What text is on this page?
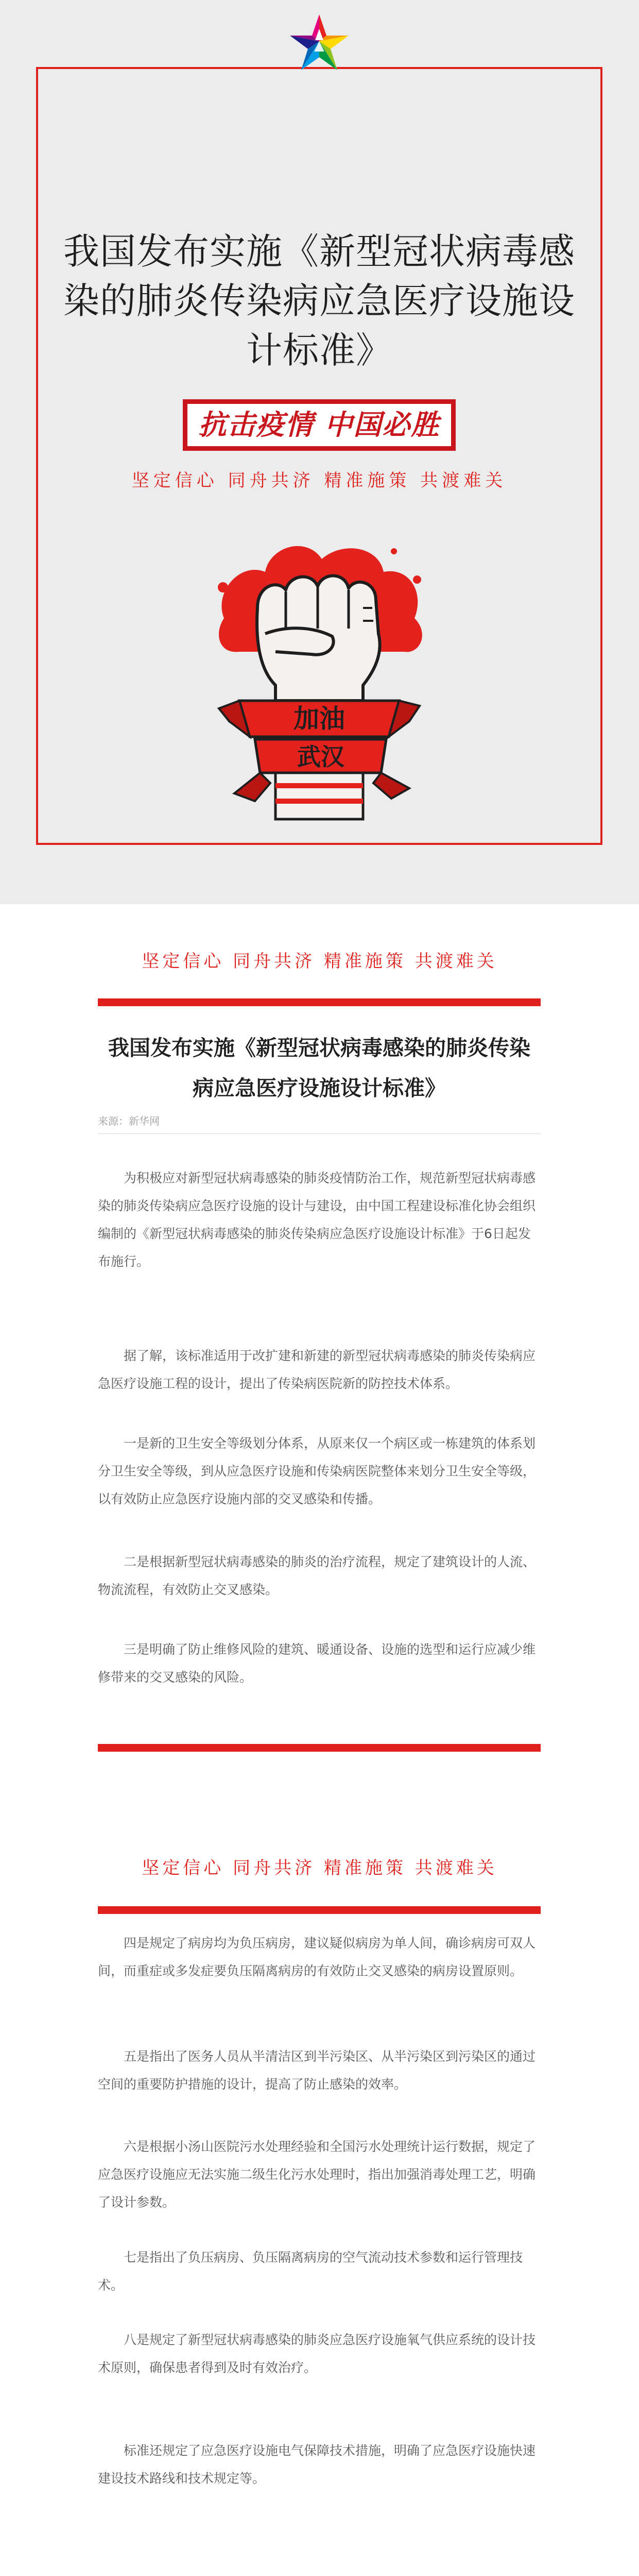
我国发布实施《新型冠状病毒感染的肺炎传染病应急医疗设施设计标准》
抗击疫情 中国必胜
坚定信心 同舟共济 精准施策 共渡难关
加油
武汉
坚定信心 同舟共济 精准施策 共渡难关
我国发布实施《新型冠状病毒感染的肺炎传染病应急医疗设施设计标准》
来源：新华网

为积极应对新型冠状病毒感染的肺炎疫情防治工作，规范新型冠状病毒感染的肺炎传染病应急医疗设施的设计与建设，由中国工程建设标准化协会组织编制的《新型冠状病毒感染的肺炎传染病应急医疗设施设计标准》于6日起发布施行。

据了解，该标准适用于改扩建和新建的新型冠状病毒感染的肺炎传染病应急医疗设施工程的设计，提出了传染病医院新的防控技术体系。

一是新的卫生安全等级划分体系，从原来仅一个病区或一栋建筑的体系划分卫生安全等级，到从应急医疗设施和传染病医院整体来划分卫生安全等级，以有效防止应急医疗设施内部的交叉感染和传播。

二是根据新型冠状病毒感染的肺炎的治疗流程，规定了建筑设计的人流、物流流程，有效防止交叉感染。

三是明确了防止维修风险的建筑、暖通设备、设施的选型和运行应减少维修带来的交叉感染的风险。

坚定信心 同舟共济 精准施策 共渡难关

四是规定了病房均为负压病房，建议疑似病房为单人间，确诊病房可双人间，而重症或多发症要负压隔离病房的有效防止交叉感染的病房设置原则。

五是指出了医务人员从半清洁区到半污染区、从半污染区到污染区的通过空间的重要防护措施的设计，提高了防止感染的效率。

六是根据小汤山医院污水处理经验和全国污水处理统计运行数据，规定了应急医疗设施应无法实施二级生化污水处理时，指出加强消毒处理工艺，明确了设计参数。

七是指出了负压病房、负压隔离病房的空气流动技术参数和运行管理技术。

八是规定了新型冠状病毒感染的肺炎应急医疗设施氧气供应系统的设计技术原则，确保患者得到及时有效治疗。

标准还规定了应急医疗设施电气保障技术措施，明确了应急医疗设施快速建设技术路线和技术规定等。
